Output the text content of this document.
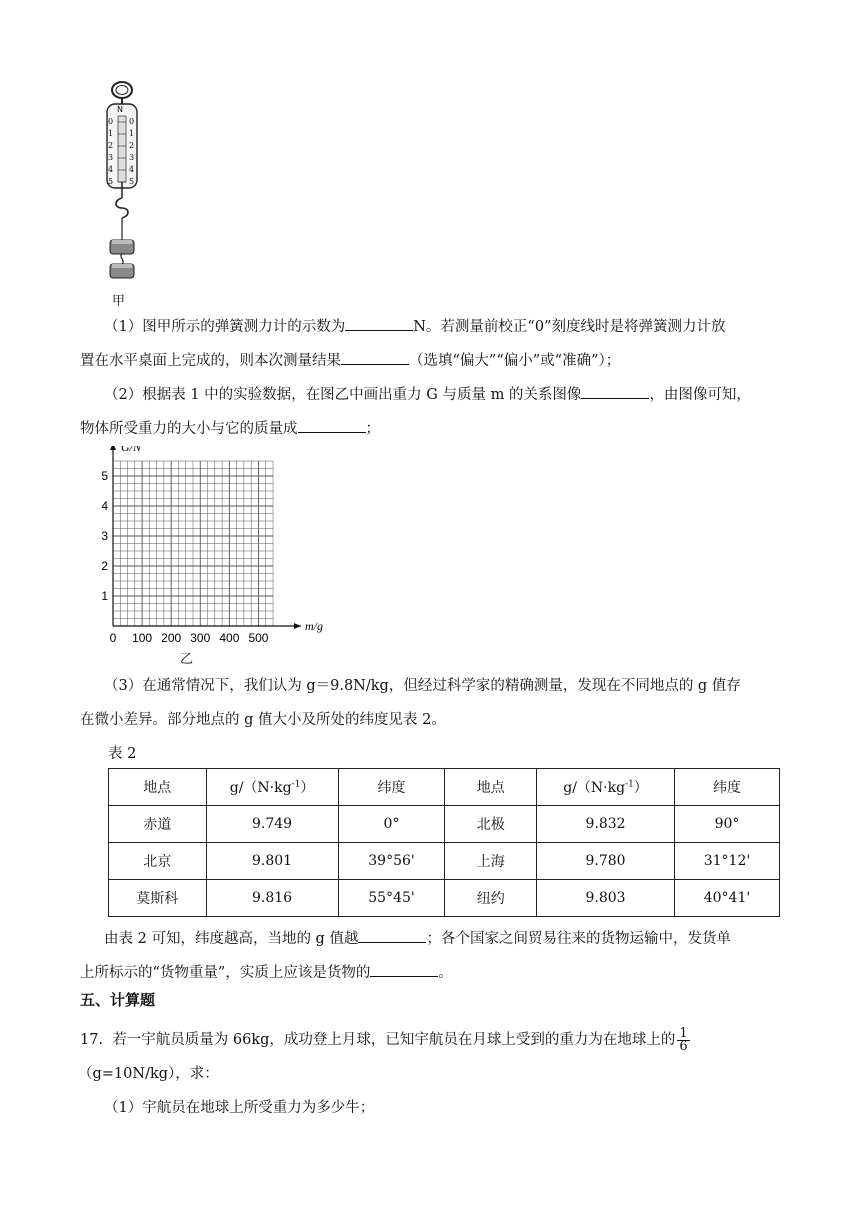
N
0
1
2
3
4
5
0
1
2
3
4
5
甲
（1）图甲所示的弹簧测力计的示数为	N。若测量前校正“0”刻度线时是将弹簧测力计放
置在水平桌面上完成的，则本次测量结果	（选填“偏大”“偏小”或“准确”）；
（2）根据表 1 中的实验数据，在图乙中画出重力 G 与质量 m 的关系图像	，由图像可知，
物体所受重力的大小与它的质量成	；
0 100 200 300 400 500
1
2
3
4
5
G/N
m/g
乙
（3）在通常情况下，我们认为 g＝9.8N/kg，但经过科学家的精确测量，发现在不同地点的 g 值存
在微小差异。部分地点的 g 值大小及所处的纬度见表 2。
表 2
地点	$g/(N\cdot kg^{-1})$	纬度	地点	$g/(N\cdot kg^{-1})$	纬度
赤道	9.749	0°	北极	9.832	90°
北京	9.801	39°56'	上海	9.780	31°12'
莫斯科	9.816	55°45'	纽约	9.803	40°41'
由表 2 可知，纬度越高，当地的 g 值越	；各个国家之间贸易往来的货物运输中，发货单
上所标示的“货物重量”，实质上应该是货物的	。
五、计算题
17. 若一宇航员质量为 66kg，成功登上月球，已知宇航员在月球上受到的重力为在地球上的 $\frac{1}{6}$
（g=10N/kg），求：
（1）宇航员在地球上所受重力为多少牛；
